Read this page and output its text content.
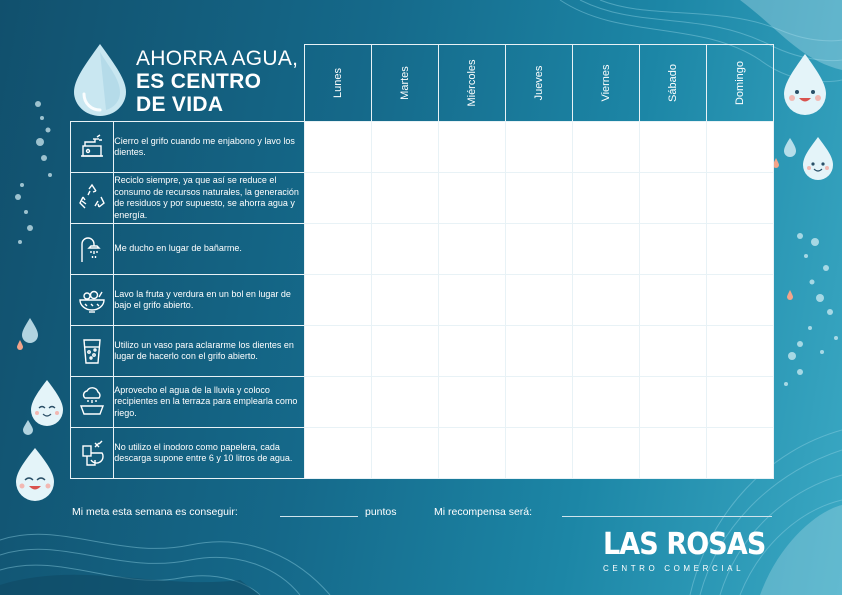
AHORRA AGUA,
ES CENTRO
DE VIDA

		Lunes	Martes	Miércoles	Jueves	Viernes	Sábado	Domingo

	Cierro el grifo cuando me enjabono y lavo los dientes.							

	Reciclo siempre, ya que así se reduce el consumo de recursos naturales, la generación de residuos y por supuesto, se ahorra agua y energía.							

	Me ducho en lugar de bañarme.							

	Lavo la fruta y verdura en un bol en lugar de bajo el grifo abierto.							

	Utilizo un vaso para aclararme los dientes en lugar de hacerlo con el grifo abierto.							

	Aprovecho el agua de la lluvia y coloco recipientes en la terraza para emplearla como riego.							

	No utilizo el inodoro como papelera, cada descarga supone entre 6 y 10 litros de agua.							
Mi meta esta semana es conseguir:	puntos	Mi recompensa será:
LAS ROSAS
CENTRO COMERCIAL
